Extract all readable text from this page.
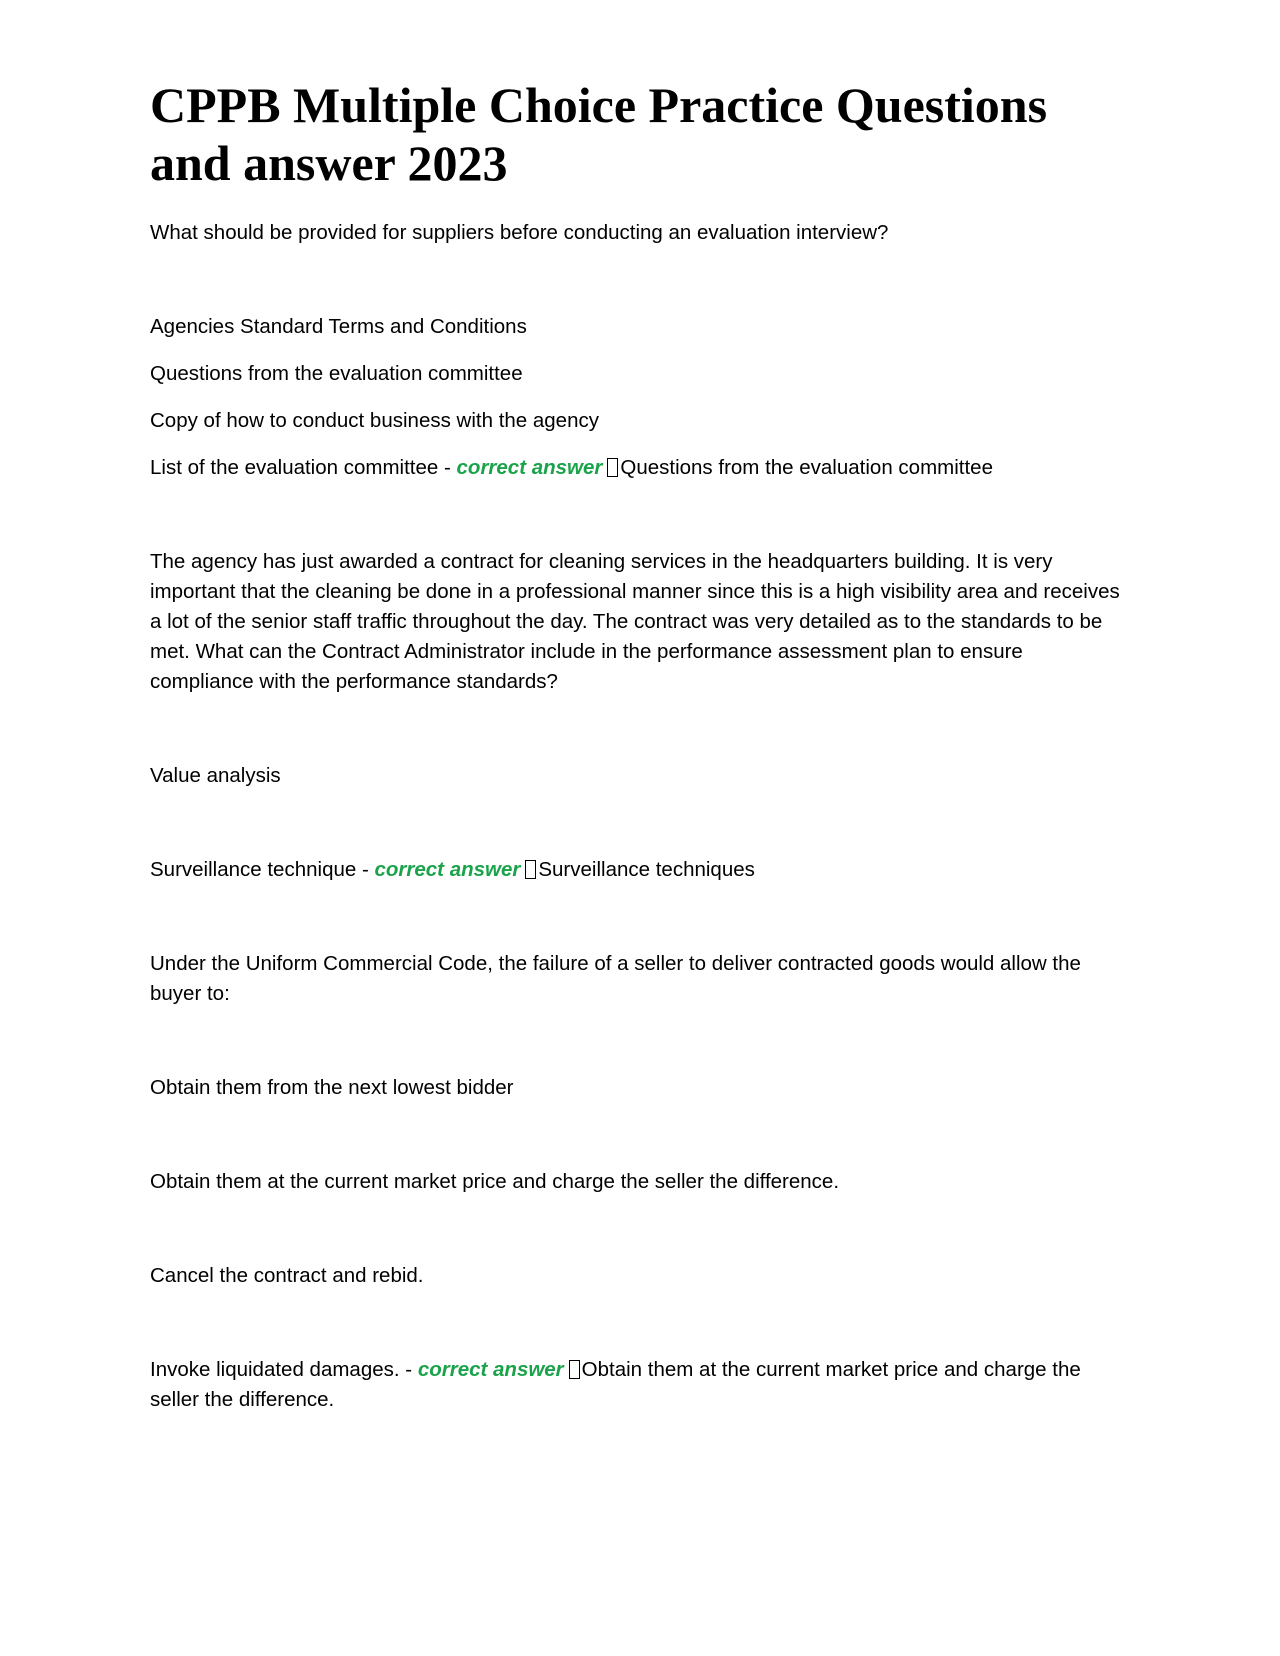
CPPB Multiple Choice Practice Questions and answer 2023

What should be provided for suppliers before conducting an evaluation interview?

Agencies Standard Terms and Conditions

Questions from the evaluation committee

Copy of how to conduct business with the agency

List of the evaluation committee - correct answer Questions from the evaluation committee

The agency has just awarded a contract for cleaning services in the headquarters building. It is very important that the cleaning be done in a professional manner since this is a high visibility area and receives a lot of the senior staff traffic throughout the day. The contract was very detailed as to the standards to be met. What can the Contract Administrator include in the performance assessment plan to ensure compliance with the performance standards?

Value analysis

Surveillance technique - correct answer Surveillance techniques

Under the Uniform Commercial Code, the failure of a seller to deliver contracted goods would allow the buyer to:

Obtain them from the next lowest bidder

Obtain them at the current market price and charge the seller the difference.

Cancel the contract and rebid.

Invoke liquidated damages. - correct answer Obtain them at the current market price and charge the seller the difference.
